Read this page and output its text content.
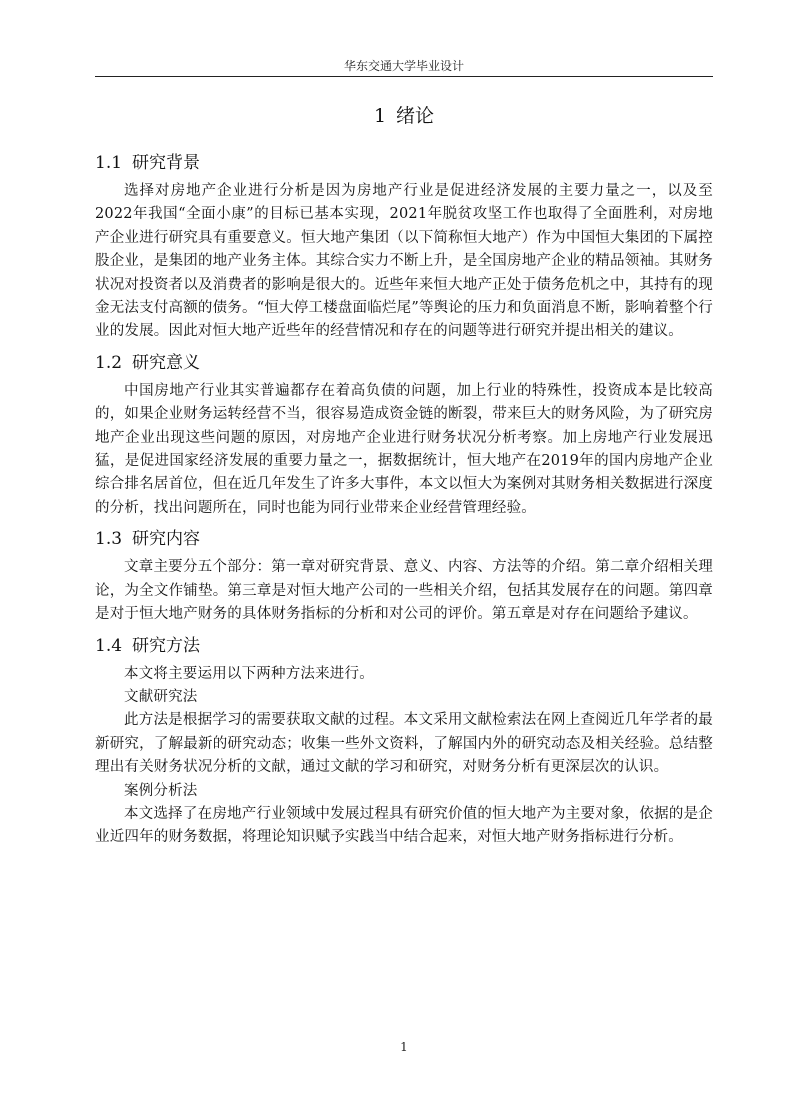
华东交通大学毕业设计
1 绪论
1.1 研究背景

选择对房地产企业进行分析是因为房地产行业是促进经济发展的主要力量之一，以及至2022年我国“全面小康”的目标已基本实现，2021年脱贫攻坚工作也取得了全面胜利，对房地产企业进行研究具有重要意义。恒大地产集团（以下简称恒大地产）作为中国恒大集团的下属控股企业，是集团的地产业务主体。其综合实力不断上升，是全国房地产企业的精品领袖。其财务状况对投资者以及消费者的影响是很大的。近些年来恒大地产正处于债务危机之中，其持有的现金无法支付高额的债务。“恒大停工楼盘面临烂尾”等舆论的压力和负面消息不断，影响着整个行业的发展。因此对恒大地产近些年的经营情况和存在的问题等进行研究并提出相关的建议。

1.2 研究意义

中国房地产行业其实普遍都存在着高负债的问题，加上行业的特殊性，投资成本是比较高的，如果企业财务运转经营不当，很容易造成资金链的断裂，带来巨大的财务风险，为了研究房地产企业出现这些问题的原因，对房地产企业进行财务状况分析考察。加上房地产行业发展迅猛，是促进国家经济发展的重要力量之一，据数据统计，恒大地产在2019年的国内房地产企业综合排名居首位，但在近几年发生了许多大事件，本文以恒大为案例对其财务相关数据进行深度的分析，找出问题所在，同时也能为同行业带来企业经营管理经验。

1.3 研究内容

文章主要分五个部分：第一章对研究背景、意义、内容、方法等的介绍。第二章介绍相关理论，为全文作铺垫。第三章是对恒大地产公司的一些相关介绍，包括其发展存在的问题。第四章是对于恒大地产财务的具体财务指标的分析和对公司的评价。第五章是对存在问题给予建议。

1.4 研究方法

本文将主要运用以下两种方法来进行。

文献研究法

此方法是根据学习的需要获取文献的过程。本文采用文献检索法在网上查阅近几年学者的最新研究，了解最新的研究动态；收集一些外文资料，了解国内外的研究动态及相关经验。总结整理出有关财务状况分析的文献，通过文献的学习和研究，对财务分析有更深层次的认识。

案例分析法

本文选择了在房地产行业领域中发展过程具有研究价值的恒大地产为主要对象，依据的是企业近四年的财务数据，将理论知识赋予实践当中结合起来，对恒大地产财务指标进行分析。

1
